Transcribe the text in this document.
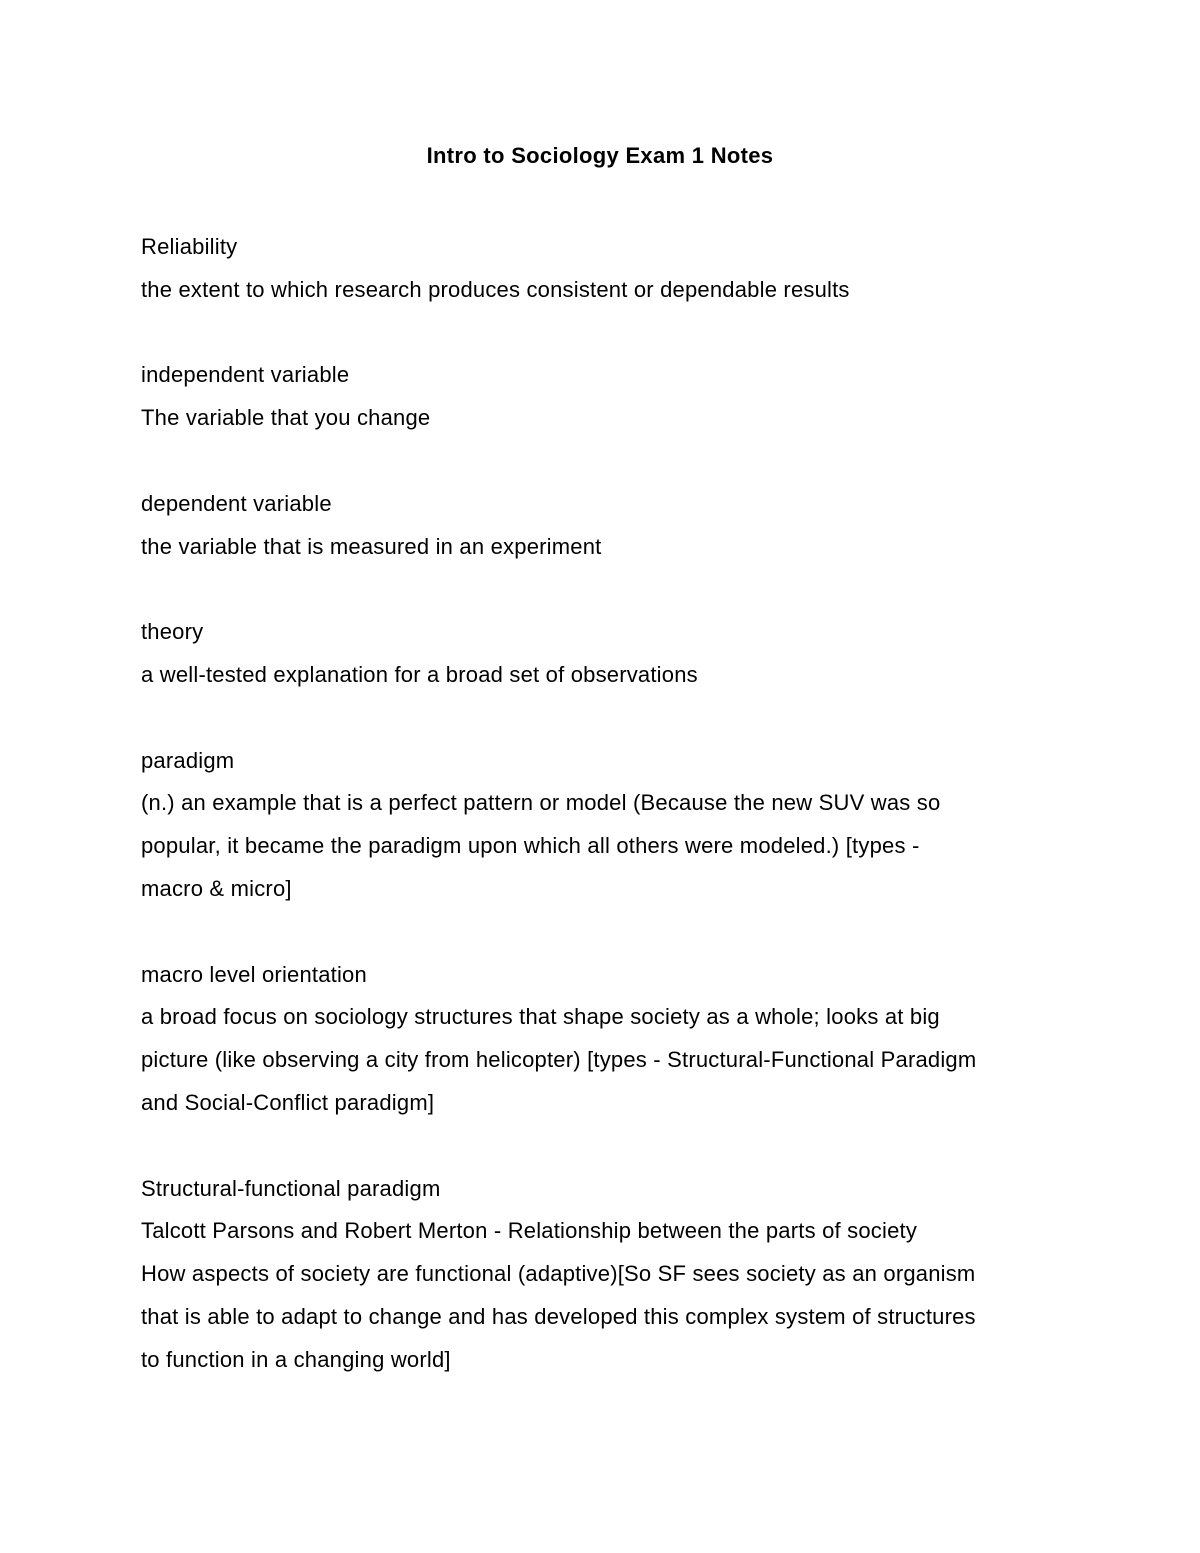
Intro to Sociology Exam 1 Notes
Reliability
the extent to which research produces consistent or dependable results
independent variable
The variable that you change
dependent variable
the variable that is measured in an experiment
theory
a well-tested explanation for a broad set of observations
paradigm
(n.) an example that is a perfect pattern or model (Because the new SUV was so
popular, it became the paradigm upon which all others were modeled.) [types -
macro & micro]
macro level orientation
a broad focus on sociology structures that shape society as a whole; looks at big
picture (like observing a city from helicopter) [types - Structural-Functional Paradigm
and Social-Conflict paradigm]
Structural-functional paradigm
Talcott Parsons and Robert Merton - Relationship between the parts of society
How aspects of society are functional (adaptive)[So SF sees society as an organism
that is able to adapt to change and has developed this complex system of structures
to function in a changing world]
